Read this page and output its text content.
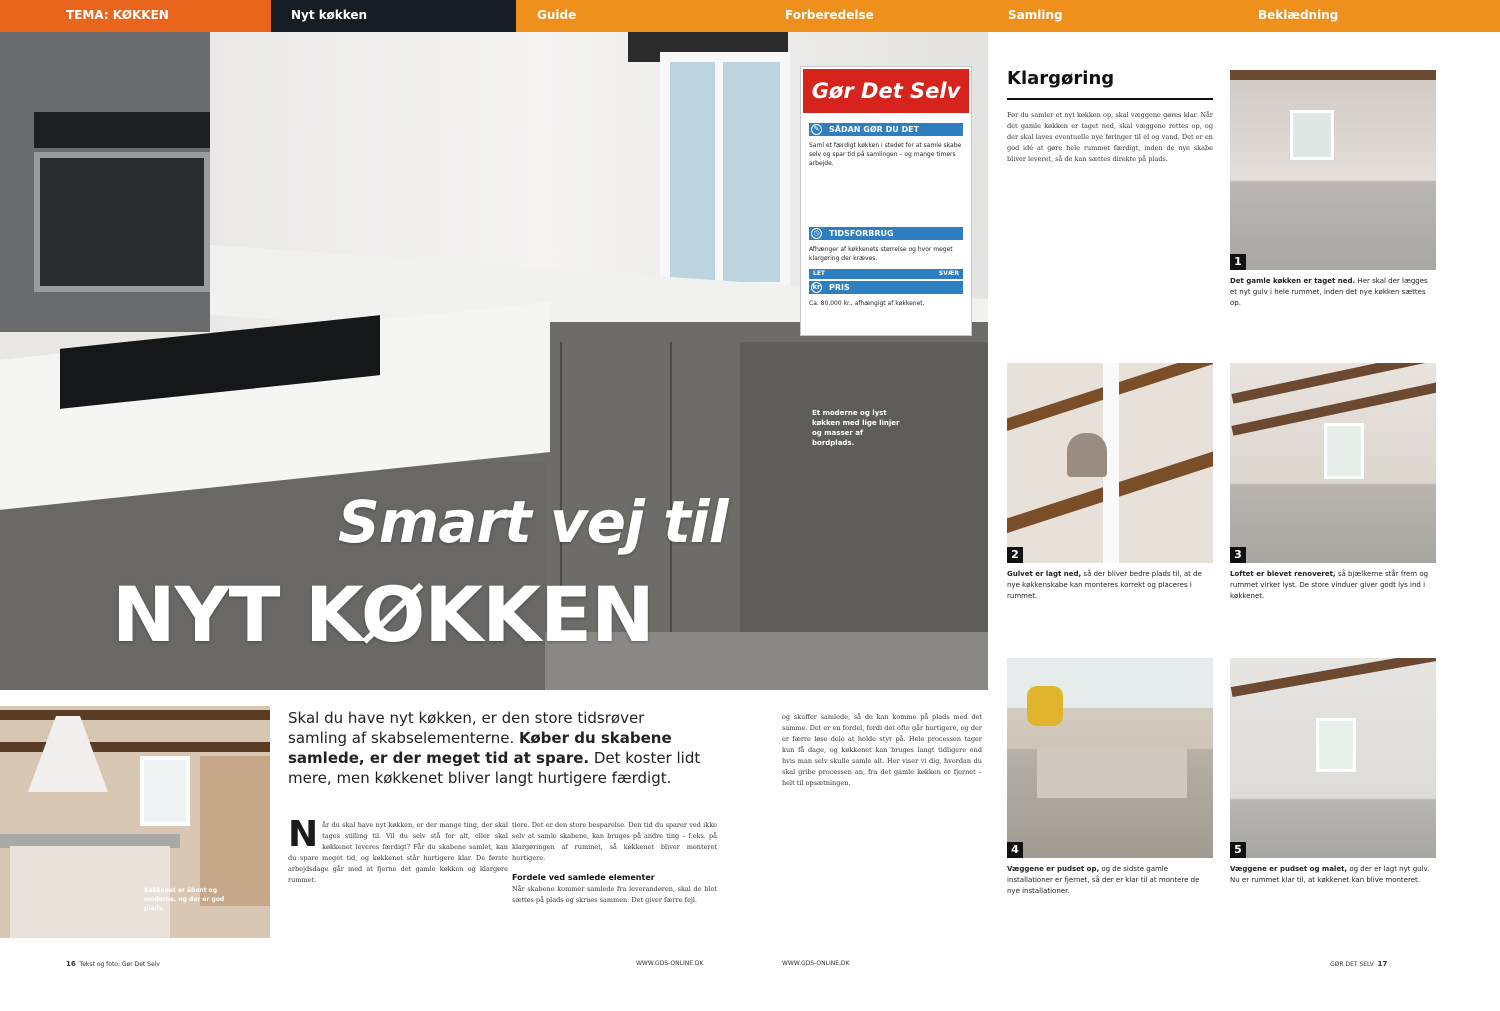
TEMA: KØKKEN	Nyt køkken	Guide	Forberedelse	Samling	Beklædning
Et moderne og lyst køkken med lige linjer og masser af bordplads.
Smart vej til
NYT KØKKEN
Gør Det Selv
✎	SÅDAN GØR DU DET
Saml et færdigt køkken i stedet for at samle skabe selv og spar tid på samlingen – og mange timers arbejde.
LET	SVÆR
◷	TIDSFORBRUG
Afhænger af køkkenets størrelse og hvor meget klargøring der kræves.
kr PRIS
Ca. 80.000 kr., afhængigt af køkkenet.
Køkkenet er åbent og moderne, og der er god plads.
Skal du have nyt køkken, er den store tidsrøver samling af skabselementerne. Køber du skabene samlede, er der meget tid at spare. Det koster lidt mere, men køkkenet bliver langt hurtigere færdigt.
N år du skal have nyt køkken, er der mange ting, der skal tages stilling til. Vil du selv stå for alt, eller skal køkkenet leveres færdigt? Får du skabene samlet, kan du spare meget tid, og køkkenet står hurtigere klar. De første arbejdsdage går med at fjerne det gamle køkken og klargøre rummet.
tiere. Det er den store besparelse. Den tid du sparer ved ikke selv at samle skabene, kan bruges på andre ting – f.eks. på klargøringen af rummet, så køkkenet bliver monteret hurtigere.
Fordele ved samlede elementer
Når skabene kommer samlede fra leverandøren, skal de blot sættes på plads og skrues sammen. Det giver færre fejl.
og skuffer samlede, så de kan komme på plads med det samme. Det er en fordel, fordi det ofte går hurtigere, og der er færre løse dele at holde styr på. Hele processen tager kun få dage, og køkkenet kan bruges langt tidligere end hvis man selv skulle samle alt. Her viser vi dig, hvordan du skal gribe processen an, fra det gamle køkken er fjernet – helt til opsætningen.
Klargøring
Før du samler et nyt køkken op, skal væggene gøres klar. Når det gamle køkken er taget ned, skal væggene rettes op, og der skal laves eventuelle nye føringer til el og vand. Det er en god idé at gøre hele rummet færdigt, inden de nye skabe bliver leveret, så de kan sættes direkte på plads.
1
Det gamle køkken er taget ned. Her skal der lægges et nyt gulv i hele rummet, inden det nye køkken sættes op.
2
Gulvet er lagt ned, så der bliver bedre plads til, at de nye køkkenskabe kan monteres korrekt og placeres i rummet.
3
Loftet er blevet renoveret, så bjælkerne står frem og rummet virker lyst. De store vinduer giver godt lys ind i køkkenet.
4
Væggene er pudset op, og de sidste gamle installationer er fjernet, så der er klar til at montere de nye installationer.
5
Væggene er pudset og malet, og der er lagt nyt gulv. Nu er rummet klar til, at køkkenet kan blive monteret.
16 Tekst og foto: Gør Det Selv	WWW.GDS-ONLINE.DK	WWW.GDS-ONLINE.DK	GØR DET SELV 17
